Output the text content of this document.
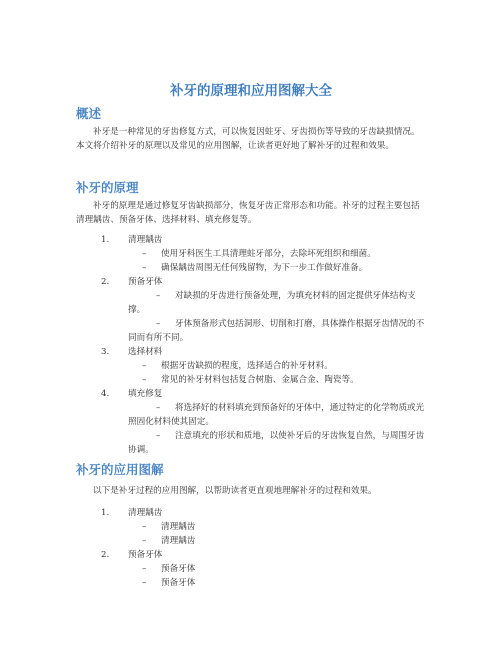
补牙的原理和应用图解大全
概述

补牙是一种常见的牙齿修复方式，可以恢复因蛀牙、牙齿损伤等导致的牙齿缺损情况。本文将介绍补牙的原理以及常见的应用图解，让读者更好地了解补牙的过程和效果。

补牙的原理

补牙的原理是通过修复牙齿缺损部分，恢复牙齿正常形态和功能。补牙的过程主要包括清理龋齿、预备牙体、选择材料、填充修复等。

1.	清理龋齿
–	使用牙科医生工具清理蛀牙部分，去除坏死组织和细菌。
–	确保龋齿周围无任何残留物，为下一步工作做好准备。
2.	预备牙体
– 对缺损的牙齿进行预备处理，为填充材料的固定提供牙体结构支撑。
– 牙体预备形式包括洞形、切削和打磨，具体操作根据牙齿情况的不同而有所不同。
3.	选择材料
–	根据牙齿缺损的程度，选择适合的补牙材料。
–	常见的补牙材料包括复合树脂、金属合金、陶瓷等。
4.	填充修复
– 将选择好的材料填充到预备好的牙体中，通过特定的化学物质或光照固化材料使其固定。
– 注意填充的形状和质地，以使补牙后的牙齿恢复自然，与周围牙齿协调。
补牙的应用图解

以下是补牙过程的应用图解，以帮助读者更直观地理解补牙的过程和效果。

1.	清理龋齿
–	清理龋齿
–	清理龋齿
2.	预备牙体
–	预备牙体
–	预备牙体
